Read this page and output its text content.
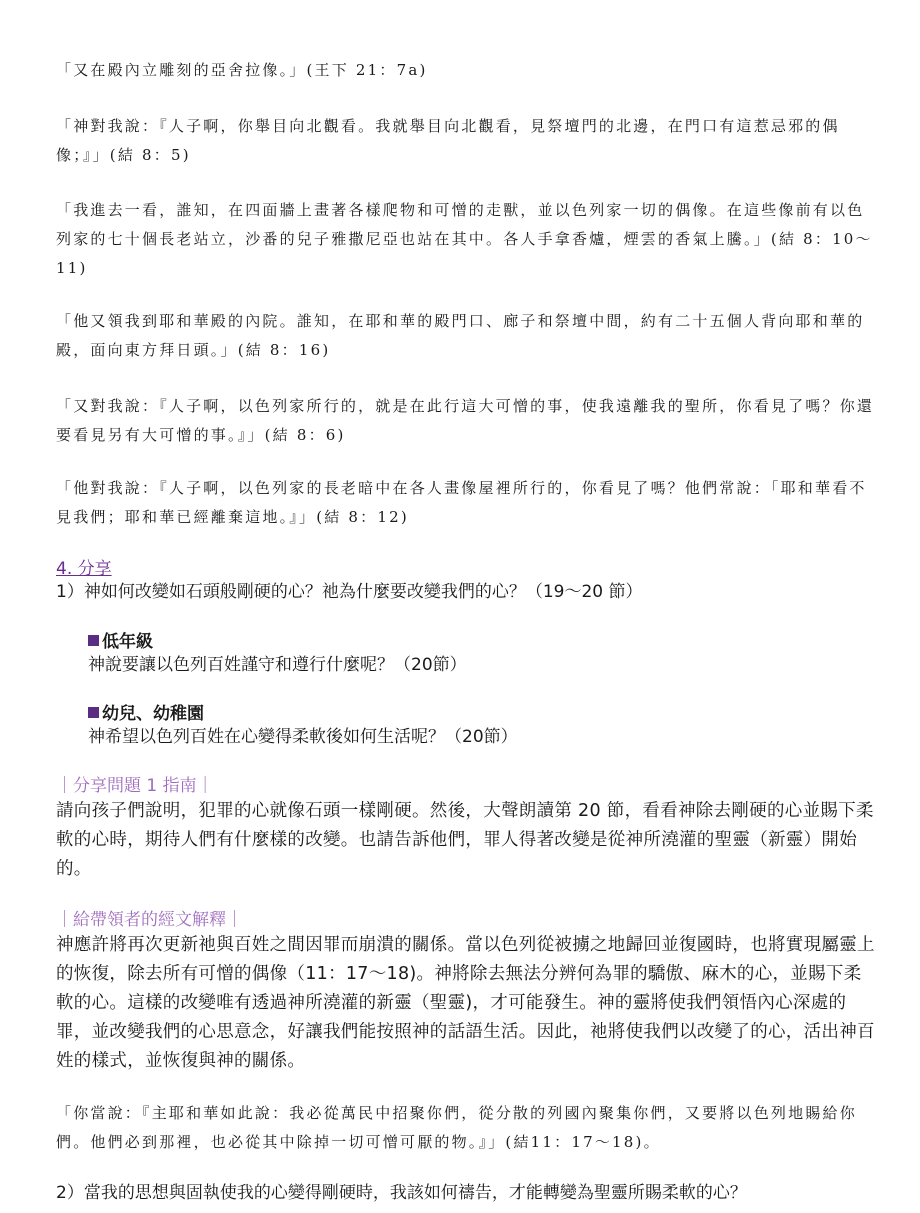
「又在殿內立雕刻的亞舍拉像。」(王下 21：7a)
「神對我說：『人子啊，你舉目向北觀看。我就舉目向北觀看，見祭壇門的北邊，在門口有這惹忌邪的偶像；』」(結 8：5)
「我進去一看，誰知，在四面牆上畫著各樣爬物和可憎的走獸，並以色列家一切的偶像。在這些像前有以色列家的七十個長老站立，沙番的兒子雅撒尼亞也站在其中。各人手拿香爐，煙雲的香氣上騰。」(結 8：10～11)
「他又領我到耶和華殿的內院。誰知，在耶和華的殿門口、廊子和祭壇中間，約有二十五個人背向耶和華的殿，面向東方拜日頭。」(結 8：16)
「又對我說：『人子啊，以色列家所行的，就是在此行這大可憎的事，使我遠離我的聖所，你看見了嗎？你還要看見另有大可憎的事。』」(結 8：6)
「他對我說：『人子啊，以色列家的長老暗中在各人畫像屋裡所行的，你看見了嗎？他們常說：「耶和華看不見我們；耶和華已經離棄這地。』」(結 8：12)
4. 分享
1）神如何改變如石頭般剛硬的心？祂為什麼要改變我們的心？（19～20 節）
低年級
神說要讓以色列百姓謹守和遵行什麼呢？（20節）
幼兒、幼稚園
神希望以色列百姓在心變得柔軟後如何生活呢？（20節）
｜分享問題 1 指南｜
請向孩子們說明，犯罪的心就像石頭一樣剛硬。然後，大聲朗讀第 20 節，看看神除去剛硬的心並賜下柔軟的心時，期待人們有什麼樣的改變。也請告訴他們，罪人得著改變是從神所澆灌的聖靈（新靈）開始的。
｜給帶領者的經文解釋｜
神應許將再次更新祂與百姓之間因罪而崩潰的關係。當以色列從被擄之地歸回並復國時，也將實現屬靈上的恢復，除去所有可憎的偶像（11：17～18)。神將除去無法分辨何為罪的驕傲、麻木的心，並賜下柔軟的心。這樣的改變唯有透過神所澆灌的新靈（聖靈)，才可能發生。神的靈將使我們領悟內心深處的罪，並改變我們的心思意念，好讓我們能按照神的話語生活。因此，祂將使我們以改變了的心，活出神百姓的樣式，並恢復與神的關係。
「你當說：『主耶和華如此說：我必從萬民中招聚你們，從分散的列國內聚集你們，又要將以色列地賜給你們。他們必到那裡，也必從其中除掉一切可憎可厭的物。』」(結11：17～18)。
2）當我的思想與固執使我的心變得剛硬時，我該如何禱告，才能轉變為聖靈所賜柔軟的心？
